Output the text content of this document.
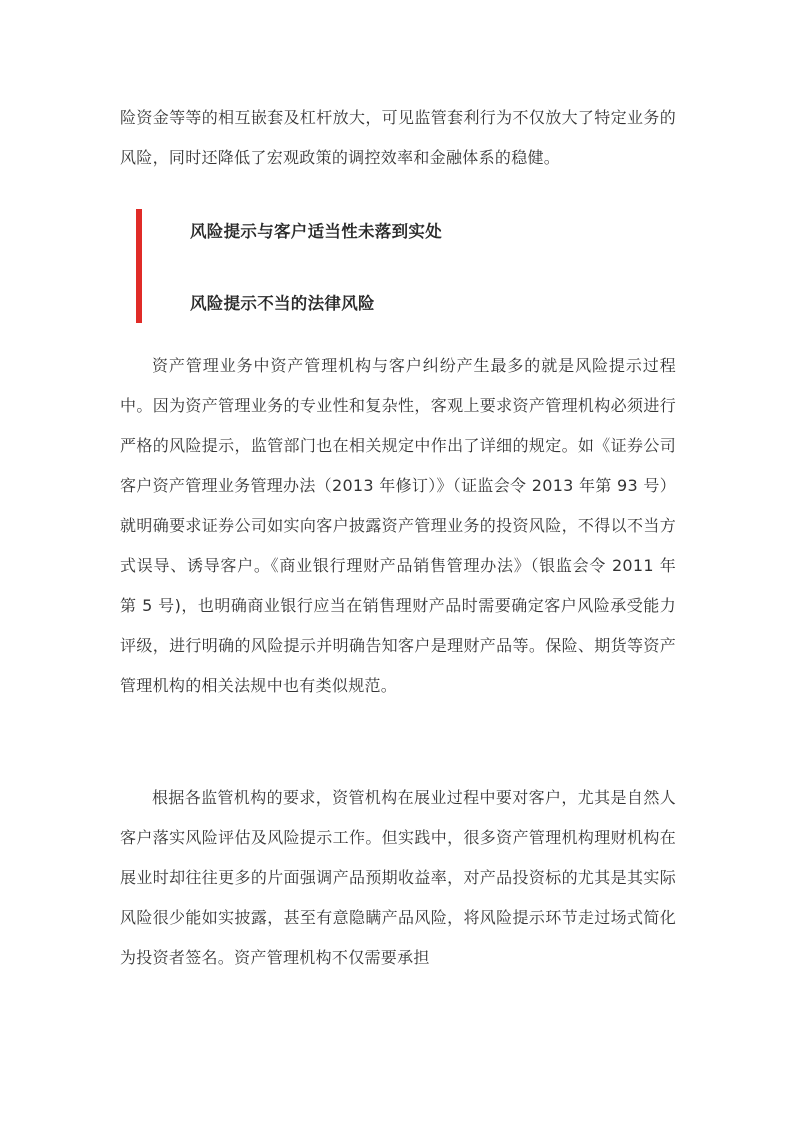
险资金等等的相互嵌套及杠杆放大，可见监管套利行为不仅放大了特定业务的风险，同时还降低了宏观政策的调控效率和金融体系的稳健。

风险提示与客户适当性未落到实处
风险提示不当的法律风险

资产管理业务中资产管理机构与客户纠纷产生最多的就是风险提示过程中。因为资产管理业务的专业性和复杂性，客观上要求资产管理机构必须进行严格的风险提示，监管部门也在相关规定中作出了详细的规定。如《证券公司客户资产管理业务管理办法（2013 年修订）》（证监会令 2013 年第 93 号）就明确要求证券公司如实向客户披露资产管理业务的投资风险，不得以不当方式误导、诱导客户。《商业银行理财产品销售管理办法》（银监会令 2011 年第 5 号)，也明确商业银行应当在销售理财产品时需要确定客户风险承受能力评级，进行明确的风险提示并明确告知客户是理财产品等。保险、期货等资产管理机构的相关法规中也有类似规范。

根据各监管机构的要求，资管机构在展业过程中要对客户，尤其是自然人客户落实风险评估及风险提示工作。但实践中，很多资产管理机构理财机构在展业时却往往更多的片面强调产品预期收益率，对产品投资标的尤其是其实际风险很少能如实披露，甚至有意隐瞒产品风险，将风险提示环节走过场式简化为投资者签名。资产管理机构不仅需要承担
